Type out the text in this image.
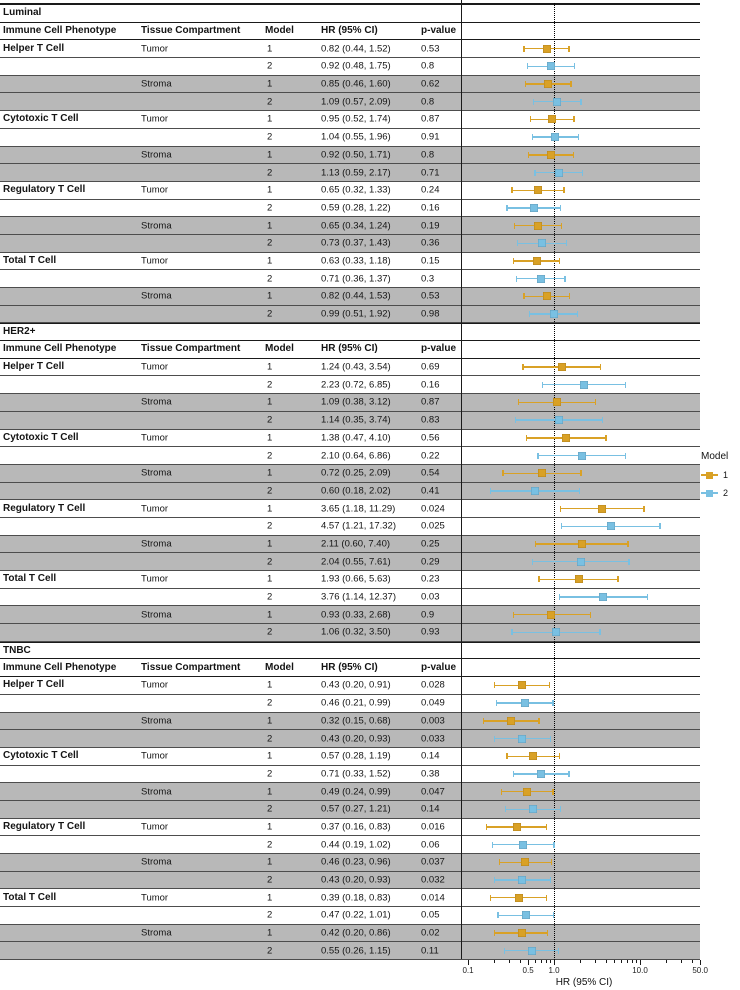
Luminal
Immune Cell Phenotype Tissue Compartment Model	HR (95% CI)	p-value
Helper T Cell	Tumor	1	0.82 (0.44, 1.52)	0.53
2	0.92 (0.48, 1.75)	0.8
Stroma	1	0.85 (0.46, 1.60)	0.62
2	1.09 (0.57, 2.09)	0.8
Cytotoxic T Cell	Tumor	1	0.95 (0.52, 1.74)	0.87
2	1.04 (0.55, 1.96)	0.91
Stroma	1	0.92 (0.50, 1.71)	0.8
2	1.13 (0.59, 2.17)	0.71
Regulatory T Cell	Tumor	1	0.65 (0.32, 1.33)	0.24
2	0.59 (0.28, 1.22)	0.16
Stroma	1	0.65 (0.34, 1.24)	0.19
2	0.73 (0.37, 1.43)	0.36
Total T Cell	Tumor	1	0.63 (0.33, 1.18)	0.15
2	0.71 (0.36, 1.37)	0.3
Stroma	1	0.82 (0.44, 1.53)	0.53
2	0.99 (0.51, 1.92)	0.98
HER2+
Immune Cell Phenotype Tissue Compartment Model	HR (95% CI)	p-value
Helper T Cell	Tumor	1	1.24 (0.43, 3.54)	0.69
2	2.23 (0.72, 6.85)	0.16
Stroma	1	1.09 (0.38, 3.12)	0.87
2	1.14 (0.35, 3.74)	0.83
Cytotoxic T Cell	Tumor	1	1.38 (0.47, 4.10)	0.56
2	2.10 (0.64, 6.86)	0.22
Stroma	1	0.72 (0.25, 2.09)	0.54
2	0.60 (0.18, 2.02)	0.41
Regulatory T Cell	Tumor	1	3.65 (1.18, 11.29)	0.024
2	4.57 (1.21, 17.32)	0.025
Stroma	1	2.11 (0.60, 7.40)	0.25
2	2.04 (0.55, 7.61)	0.29
Total T Cell	Tumor	1	1.93 (0.66, 5.63)	0.23
2	3.76 (1.14, 12.37)	0.03
Stroma	1	0.93 (0.33, 2.68)	0.9
2	1.06 (0.32, 3.50)	0.93
TNBC
Immune Cell Phenotype Tissue Compartment Model	HR (95% CI)	p-value
Helper T Cell	Tumor	1	0.43 (0.20, 0.91)	0.028
2	0.46 (0.21, 0.99)	0.049
Stroma	1	0.32 (0.15, 0.68)	0.003
2	0.43 (0.20, 0.93)	0.033
Cytotoxic T Cell	Tumor	1	0.57 (0.28, 1.19)	0.14
2	0.71 (0.33, 1.52)	0.38
Stroma	1	0.49 (0.24, 0.99)	0.047
2	0.57 (0.27, 1.21)	0.14
Regulatory T Cell	Tumor	1	0.37 (0.16, 0.83)	0.016
2	0.44 (0.19, 1.02)	0.06
Stroma	1	0.46 (0.23, 0.96)	0.037
2	0.43 (0.20, 0.93)	0.032
Total T Cell	Tumor	1	0.39 (0.18, 0.83)	0.014
2	0.47 (0.22, 1.01)	0.05
Stroma	1	0.42 (0.20, 0.86)	0.02
2	0.55 (0.26, 1.15)	0.11
0.1	0.5 1.0	10.0	50.0
HR (95% CI)
Model
1
2
